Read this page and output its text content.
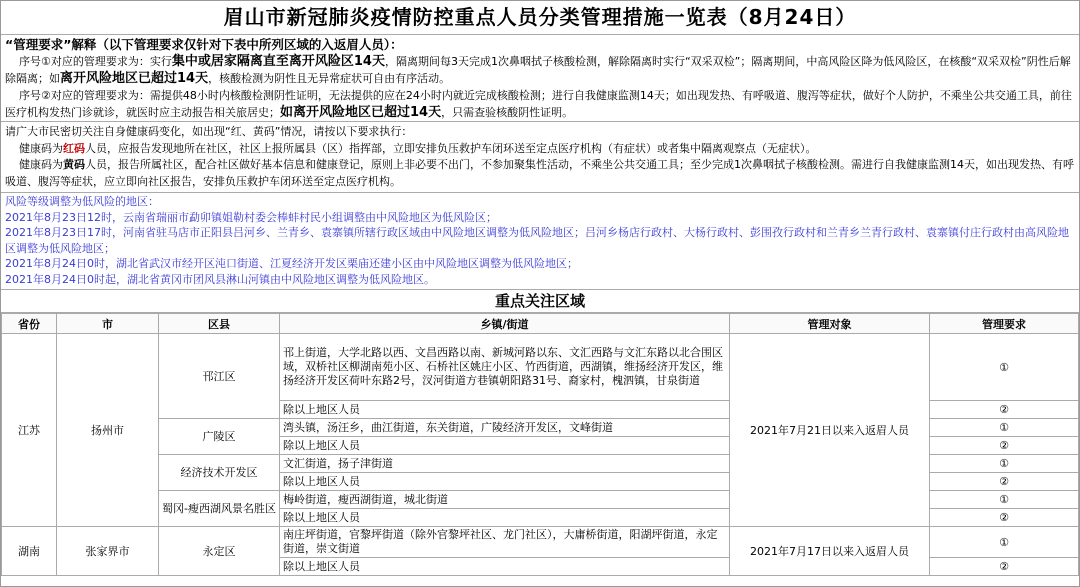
眉山市新冠肺炎疫情防控重点人员分类管理措施一览表（8月24日）

“管理要求”解释（以下管理要求仅针对下表中所列区域的入返眉人员）：

序号①对应的管理要求为：实行集中或居家隔离直至离开风险区14天，隔离期间每3天完成1次鼻咽拭子核酸检测，解除隔离时实行“双采双检”；隔离期间，中高风险区降为低风险区，在核酸“双采双检”阴性后解除隔离；如离开风险地区已超过14天，核酸检测为阴性且无异常症状可自由有序活动。

序号②对应的管理要求为：需提供48小时内核酸检测阴性证明，无法提供的应在24小时内就近完成核酸检测；进行自我健康监测14天；如出现发热、有呼吸道、腹泻等症状，做好个人防护，不乘坐公共交通工具，前往医疗机构发热门诊就诊，就医时应主动报告相关旅居史；如离开风险地区已超过14天，只需查验核酸阴性证明。

请广大市民密切关注自身健康码变化，如出现“红、黄码”情况，请按以下要求执行：

健康码为红码人员，应报告发现地所在社区，社区上报所属县（区）指挥部，立即安排负压救护车闭环送至定点医疗机构（有症状）或者集中隔离观察点（无症状）。

健康码为黄码人员，报告所属社区，配合社区做好基本信息和健康登记，原则上非必要不出门，不参加聚集性活动，不乘坐公共交通工具；至少完成1次鼻咽拭子核酸检测。需进行自我健康监测14天，如出现发热、有呼吸道、腹泻等症状，应立即向社区报告，安排负压救护车闭环送至定点医疗机构。

风险等级调整为低风险的地区：

2021年8月23日12时，云南省瑞丽市勐卯镇姐勒村委会棒蚌村民小组调整由中风险地区为低风险区；

2021年8月23日17时，河南省驻马店市正阳县吕河乡、兰青乡、袁寨镇所辖行政区域由中风险地区调整为低风险地区；吕河乡杨店行政村、大杨行政村、彭围孜行政村和兰青乡兰青行政村、袁寨镇付庄行政村由高风险地区调整为低风险地区；

2021年8月24日0时，湖北省武汉市经开区沌口街道、江夏经济开发区栗庙还建小区由中风险地区调整为低风险地区；

2021年8月24日0时起，湖北省黄冈市团风县淋山河镇由中风险地区调整为低风险地区。

重点关注区域
省份	市	区县	乡镇/街道	管理对象	管理要求
江苏	扬州市	邗江区	邗上街道，大学北路以西、文昌西路以南、新城河路以东、文汇西路与文汇东路以北合围区域，双桥社区柳湖南苑小区、石桥社区姚庄小区、竹西街道，西湖镇，维扬经济开发区，维扬经济开发区荷叶东路2号，汊河街道方巷镇朝阳路31号、裔家村，槐泗镇，甘泉街道	2021年7月21日以来入返眉人员	①
			除以上地区人员		②
		广陵区	湾头镇，汤汪乡，曲江街道，东关街道，广陵经济开发区，文峰街道		①
			除以上地区人员		②
		经济技术开发区	文汇街道，扬子津街道		①
			除以上地区人员		②
		蜀冈-瘦西湖风景名胜区	梅岭街道，瘦西湖街道，城北街道		①
			除以上地区人员		②
湖南	张家界市	永定区	南庄坪街道，官黎坪街道（除外官黎坪社区、龙门社区），大庸桥街道，阳湖坪街道，永定街道，崇文街道	2021年7月17日以来入返眉人员	①
			除以上地区人员		②
